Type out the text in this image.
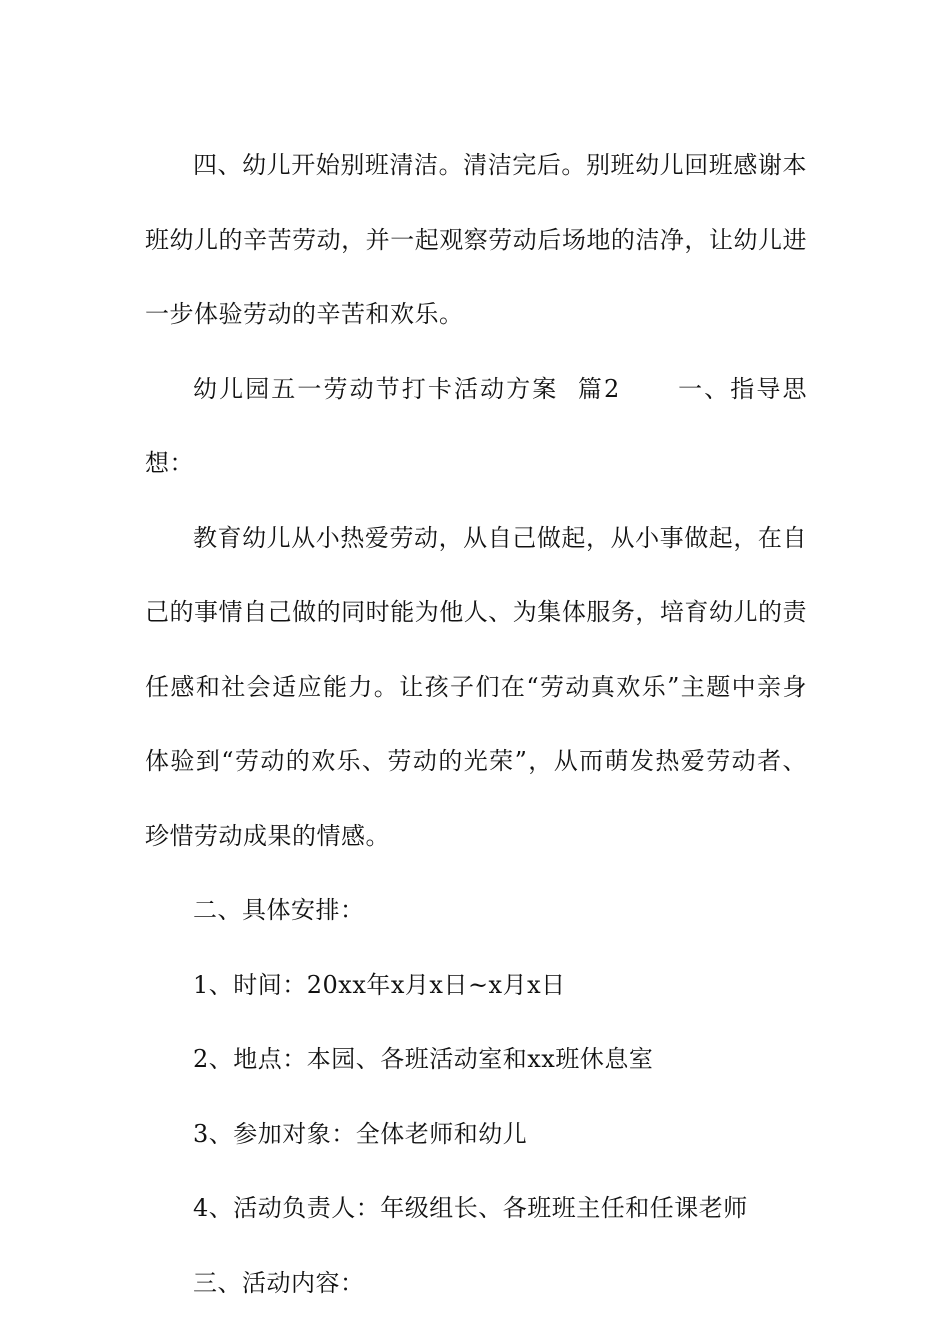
四、幼儿开始别班清洁。清洁完后。别班幼儿回班感谢本班幼儿的辛苦劳动，并一起观察劳动后场地的洁净，让幼儿进一步体验劳动的辛苦和欢乐。

幼儿园五一劳动节打卡活动方案  篇2      一、指导思想：

教育幼儿从小热爱劳动，从自己做起，从小事做起，在自己的事情自己做的同时能为他人、为集体服务，培育幼儿的责任感和社会适应能力。让孩子们在“劳动真欢乐”主题中亲身体验到“劳动的欢乐、劳动的光荣”，从而萌发热爱劳动者、珍惜劳动成果的情感。

二、具体安排：

1、时间：20xx年x月x日~x月x日

2、地点：本园、各班活动室和xx班休息室

3、参加对象：全体老师和幼儿

4、活动负责人：年级组长、各班班主任和任课老师

三、活动内容：
